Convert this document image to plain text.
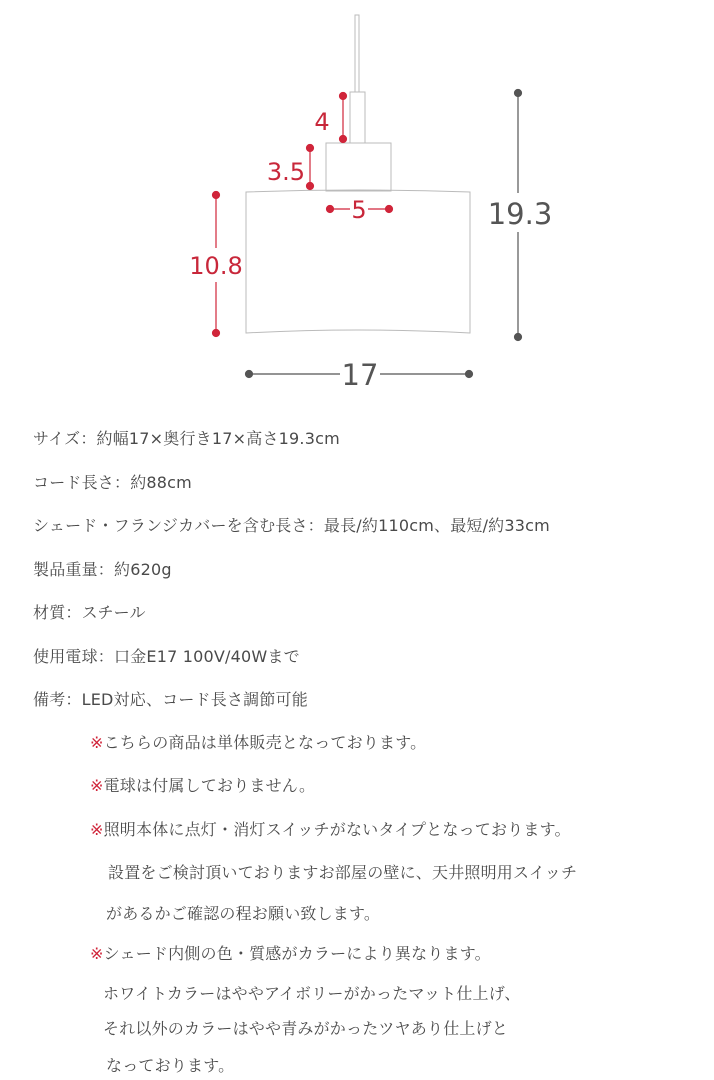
4
3.5
5
10.8
19.3
17
サイズ：約幅17×奥行き17×高さ19.3cm
コード長さ：約88cm
シェード・フランジカバーを含む長さ：最長/約110cm、最短/約33cm
製品重量：約620g
材質：スチール
使用電球：口金E17 100V/40Wまで
備考：LED対応、コード長さ調節可能
※こちらの商品は単体販売となっております。
※電球は付属しておりません。
※照明本体に点灯・消灯スイッチがないタイプとなっております。
設置をご検討頂いておりますお部屋の壁に、天井照明用スイッチ
があるかご確認の程お願い致します。
※シェード内側の色・質感がカラーにより異なります。
ホワイトカラーはややアイボリーがかったマット仕上げ、
それ以外のカラーはやや青みがかったツヤあり仕上げと
なっております。
